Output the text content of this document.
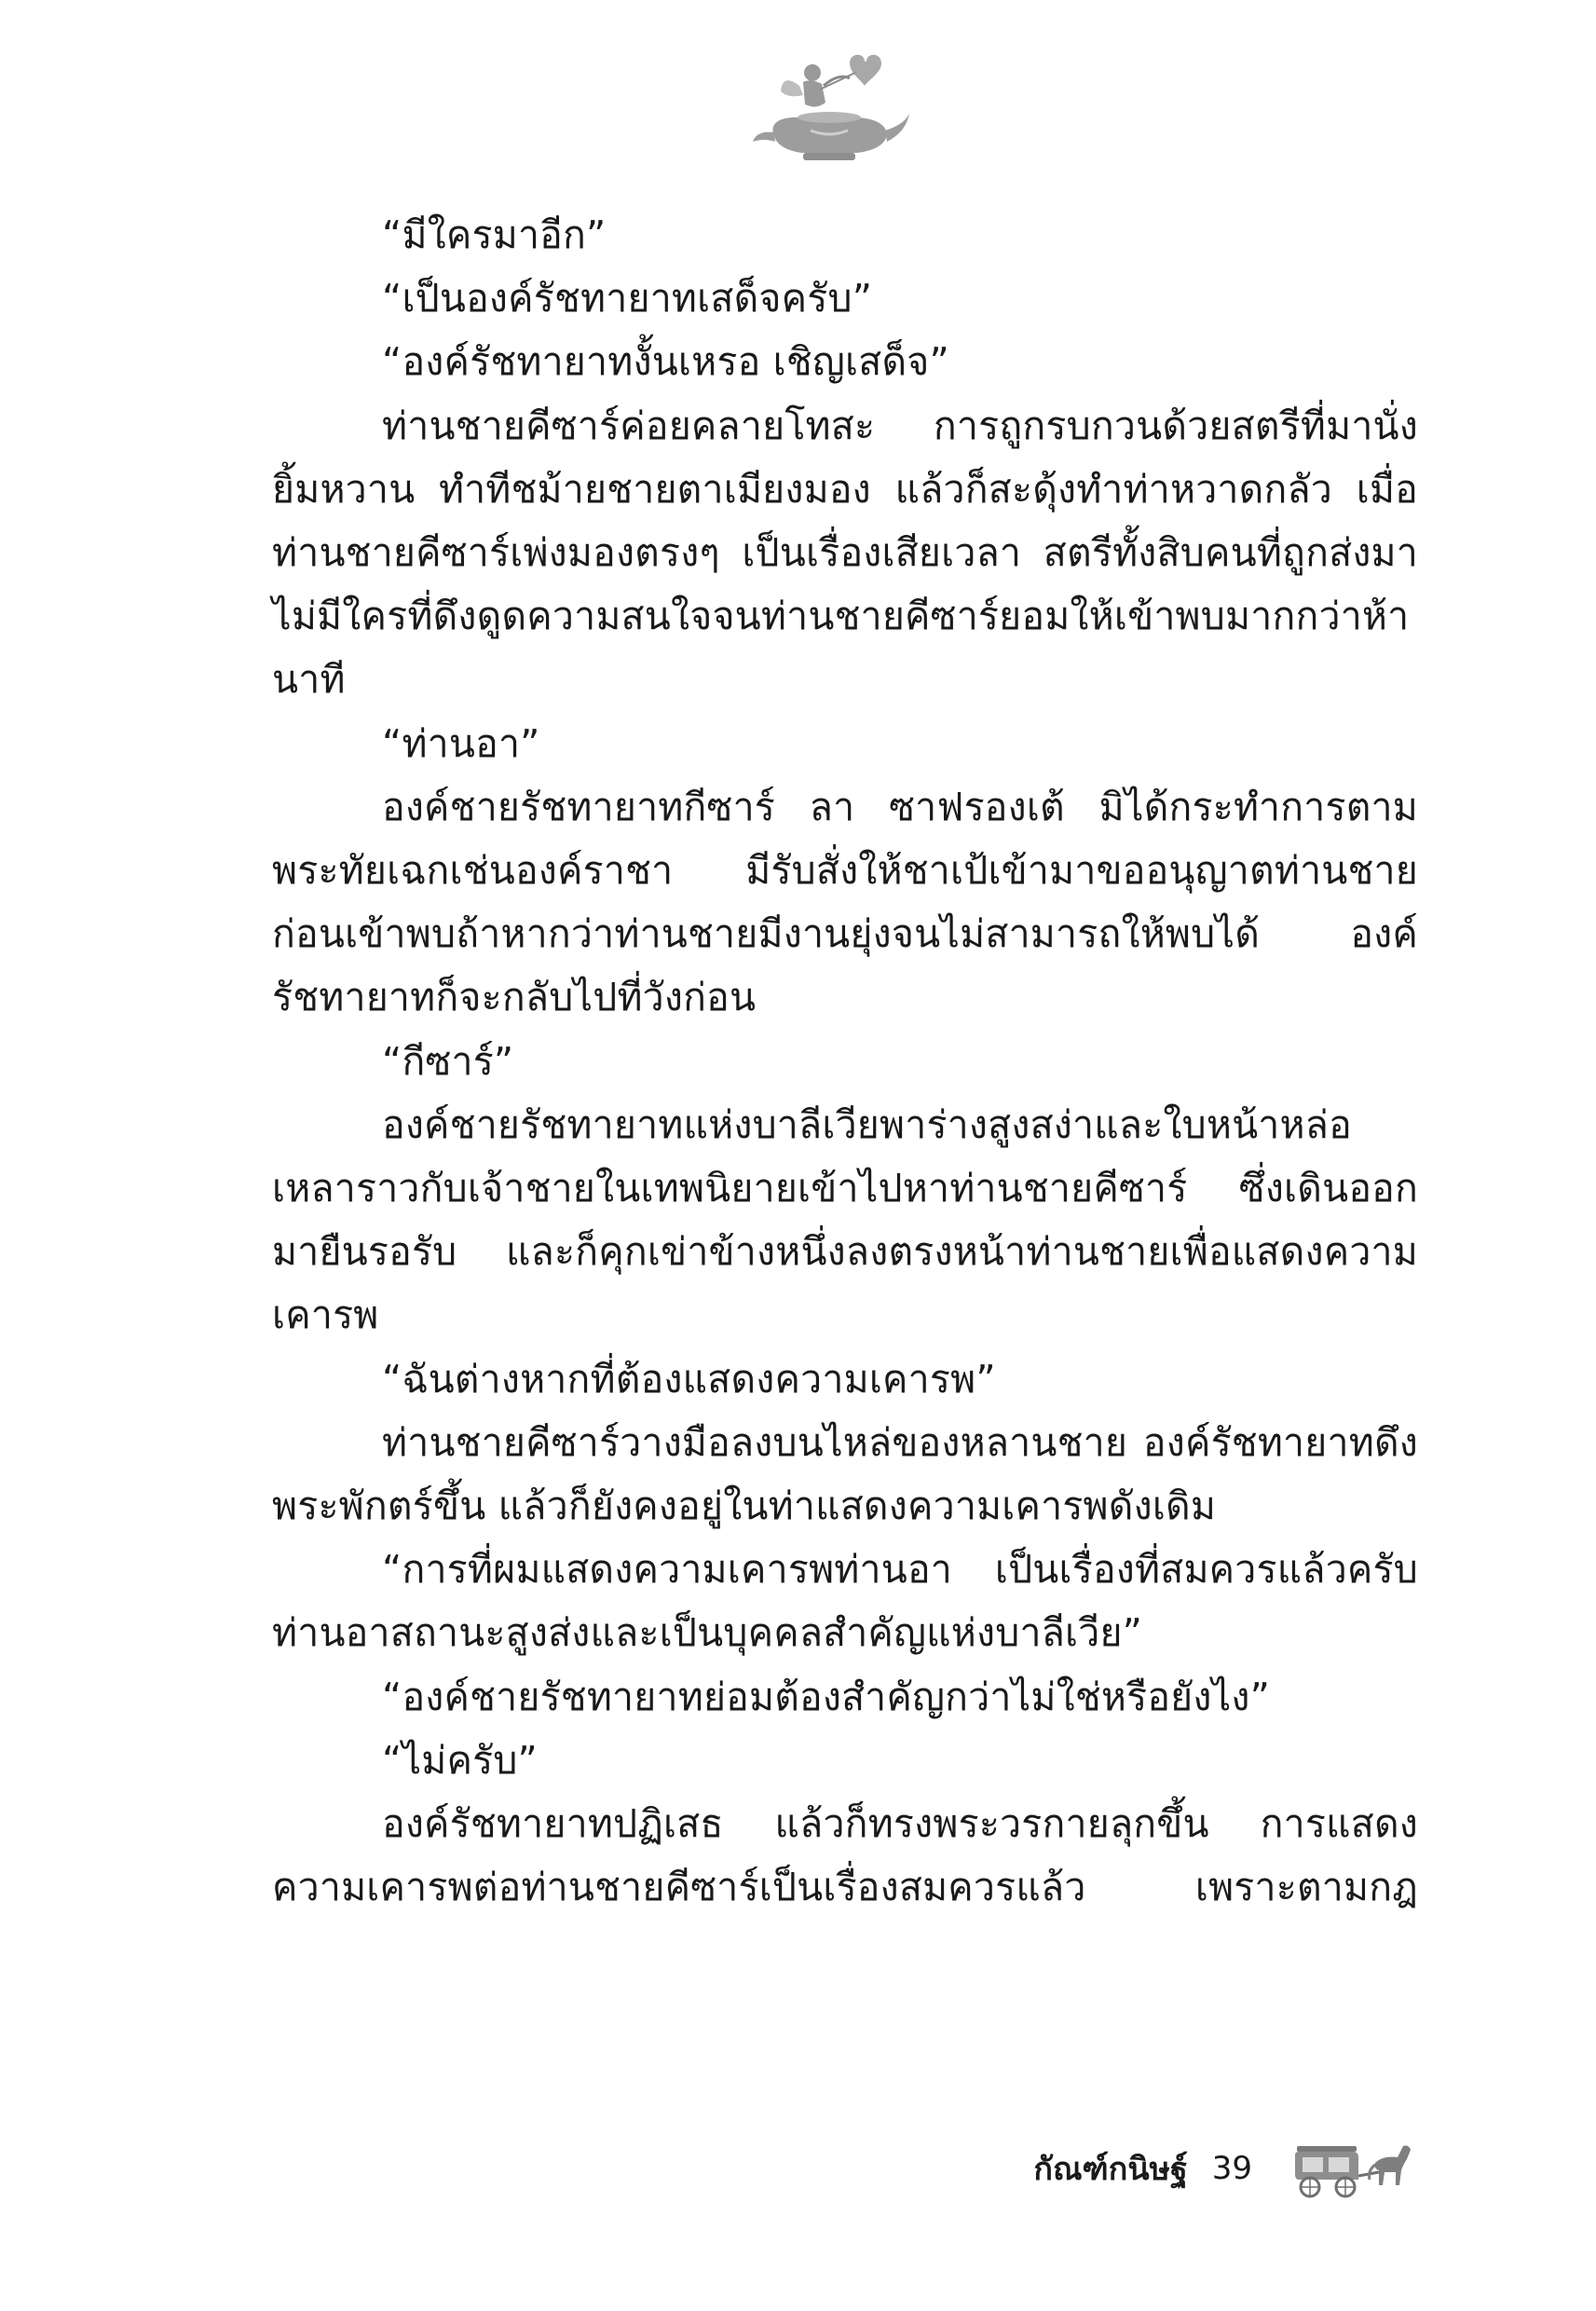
“มีใครมาอีก”

“เป็นองค์รัชทายาทเสด็จครับ”

“องค์รัชทายาทงั้นเหรอ เชิญเสด็จ”

ท่านชายคีซาร์ค่อยคลายโทสะ การถูกรบกวนด้วยสตรีที่มานั่งยิ้มหวาน ทำทีชม้ายชายตาเมียงมอง แล้วก็สะดุ้งทำท่าหวาดกลัว เมื่อท่านชายคีซาร์เพ่งมองตรงๆ เป็นเรื่องเสียเวลา สตรีทั้งสิบคนที่ถูกส่งมาไม่มีใครที่ดึงดูดความสนใจจนท่านชายคีซาร์ยอมให้เข้าพบมากกว่าห้านาที

“ท่านอา”

องค์ชายรัชทายาทกีซาร์ ลา ซาฟรองเต้ มิได้กระทำการตามพระทัยเฉกเช่นองค์ราชา มีรับสั่งให้ชาเป้เข้ามาขออนุญาตท่านชายก่อนเข้าพบถ้าหากว่าท่านชายมีงานยุ่งจนไม่สามารถให้พบได้ องค์รัชทายาทก็จะกลับไปที่วังก่อน

“กีซาร์”

องค์ชายรัชทายาทแห่งบาลีเวียพาร่างสูงสง่าและใบหน้าหล่อเหลาราวกับเจ้าชายในเทพนิยายเข้าไปหาท่านชายคีซาร์ ซึ่งเดินออกมายืนรอรับ และก็คุกเข่าข้างหนึ่งลงตรงหน้าท่านชายเพื่อแสดงความเคารพ

“ฉันต่างหากที่ต้องแสดงความเคารพ”

ท่านชายคีซาร์วางมือลงบนไหล่ของหลานชาย องค์รัชทายาทดึงพระพักตร์ขึ้น แล้วก็ยังคงอยู่ในท่าแสดงความเคารพดังเดิม

“การที่ผมแสดงความเคารพท่านอา เป็นเรื่องที่สมควรแล้วครับท่านอาสถานะสูงส่งและเป็นบุคคลสำคัญแห่งบาลีเวีย”

“องค์ชายรัชทายาทย่อมต้องสำคัญกว่าไม่ใช่หรือยังไง”

“ไม่ครับ”

องค์รัชทายาทปฏิเสธ แล้วก็ทรงพระวรกายลุกขึ้น การแสดงความเคารพต่อท่านชายคีซาร์เป็นเรื่องสมควรแล้ว เพราะตามกฎ

กัณฑ์กนิษฐ์ 39
